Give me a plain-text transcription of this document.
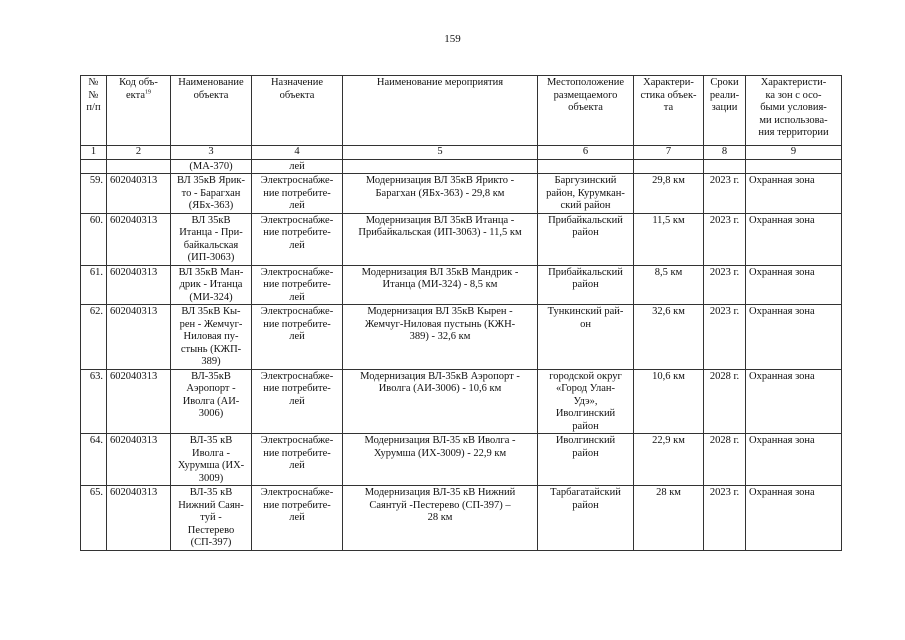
159
№
№
п/п	Код объ-
екта$^{19}$	Наименование
объекта	Назначение
объекта	Наименование мероприятия	Местоположение
размещаемого
объекта	Характери-
стика объек-
та	Сроки
реали-
зации	Характеристи-
ка зон с осо-
быми условия-
ми использова-
ния территории

1	2	3	4	5	6	7	8	9

		(МА-370)	лей					

59.	602040313	ВЛ 35кВ Ярик-
то - Барагхан
(ЯБх-363)	Электроснабже-
ние потребите-
лей	Модернизация ВЛ 35кВ Ярикто -
Барагхан (ЯБх-363) - 29,8 км	Баргузинский
район, Курумкан-
ский район	29,8 км	2023 г.	Охранная зона
60.	602040313	ВЛ 35кВ
Итанца - При-
байкальская
(ИП-3063)	Электроснабже-
ние потребите-
лей	Модернизация ВЛ 35кВ Итанца -
Прибайкальская (ИП-3063) - 11,5 км	Прибайкальский
район	11,5 км	2023 г.	Охранная зона
61.	602040313	ВЛ 35кВ Ман-
дрик - Итанца
(МИ-324)	Электроснабже-
ние потребите-
лей	Модернизация ВЛ 35кВ Мандрик -
Итанца (МИ-324) - 8,5 км	Прибайкальский
район	8,5 км	2023 г.	Охранная зона
62.	602040313	ВЛ 35кВ Кы-
рен - Жемчуг-
Ниловая пу-
стынь (КЖП-
389)	Электроснабже-
ние потребите-
лей	Модернизация ВЛ 35кВ Кырен -
Жемчуг-Ниловая пустынь (КЖН-
389) - 32,6 км	Тункинский рай-
он	32,6 км	2023 г.	Охранная зона
63.	602040313	ВЛ-35кВ
Аэропорт -
Иволга (АИ-
3006)	Электроснабже-
ние потребите-
лей	Модернизация ВЛ-35кВ Аэропорт -
Иволга (АИ-3006) - 10,6 км	городской округ
«Город Улан-
Удэ»,
Иволгинский
район	10,6 км	2028 г.	Охранная зона
64.	602040313	ВЛ-35 кВ
Иволга -
Хурумша (ИХ-
3009)	Электроснабже-
ние потребите-
лей	Модернизация ВЛ-35 кВ Иволга -
Хурумша (ИХ-3009) - 22,9 км	Иволгинский
район	22,9 км	2028 г.	Охранная зона
65.	602040313	ВЛ-35 кВ
Нижний Саян-
туй -
Пестерево
(СП-397)	Электроснабже-
ние потребите-
лей	Модернизация ВЛ-35 кВ Нижний
Саянтуй -Пестерево (СП-397) –
28 км	Тарбагатайский
район	28 км	2023 г.	Охранная зона
